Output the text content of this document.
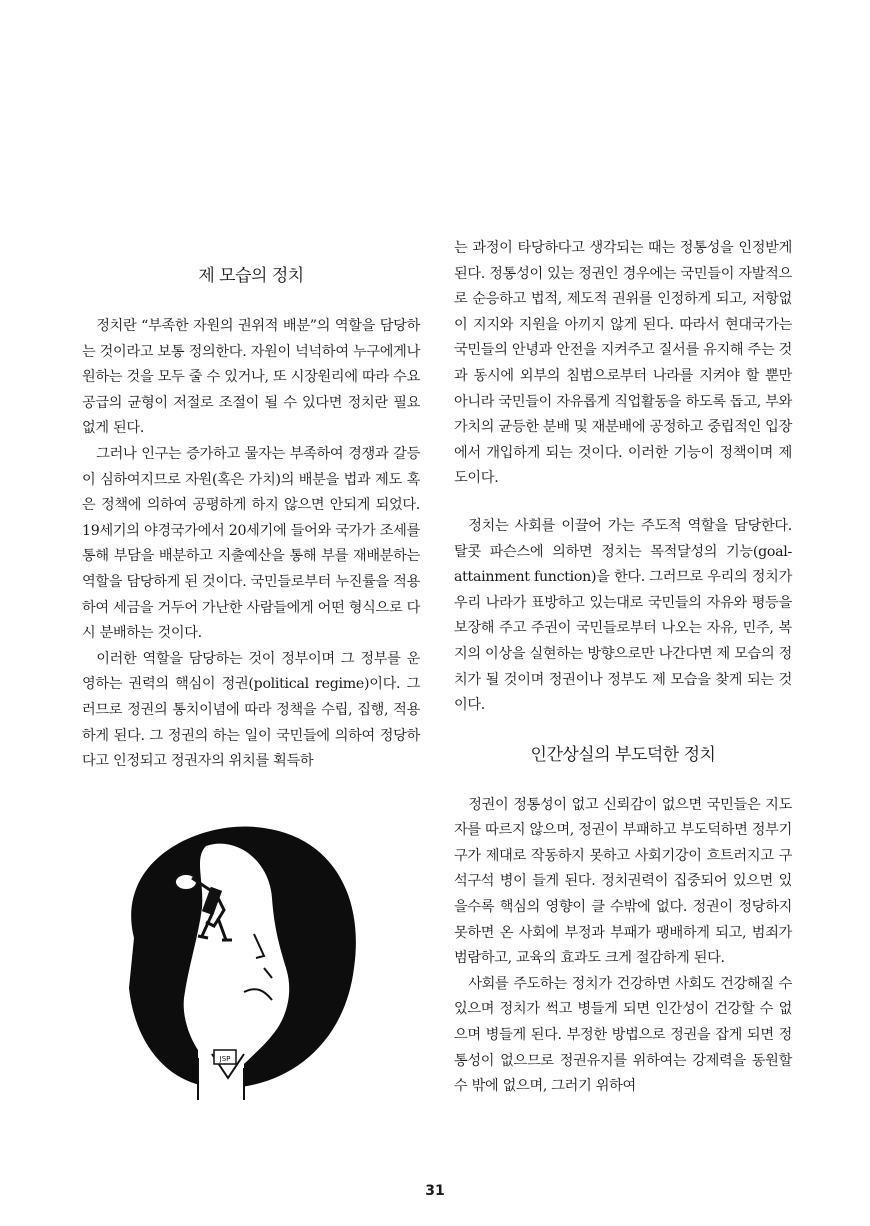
제 모습의 정치

정치란 “부족한 자원의 권위적 배분”의 역할을 담당하는 것이라고 보통 정의한다. 자원이 넉넉하여 누구에게나 원하는 것을 모두 줄 수 있거나, 또 시장원리에 따라 수요공급의 균형이 저절로 조절이 될 수 있다면 정치란 필요없게 된다.

그러나 인구는 증가하고 물자는 부족하여 경쟁과 갈등이 심하여지므로 자원(혹은 가치)의 배분을 법과 제도 혹은 정책에 의하여 공평하게 하지 않으면 안되게 되었다. 19세기의 야경국가에서 20세기에 들어와 국가가 조세를 통해 부담을 배분하고 지출예산을 통해 부를 재배분하는 역할을 담당하게 된 것이다. 국민들로부터 누진률을 적용하여 세금을 거두어 가난한 사람들에게 어떤 형식으로 다시 분배하는 것이다.

이러한 역할을 담당하는 것이 정부이며 그 정부를 운영하는 권력의 핵심이 정권(political regime)이다. 그러므로 정권의 통치이념에 따라 정책을 수립, 집행, 적용하게 된다. 그 정권의 하는 일이 국민들에 의하여 정당하다고 인정되고 정권자의 위치를 획득하

JSP

는 과정이 타당하다고 생각되는 때는 정통성을 인정받게 된다. 정통성이 있는 정권인 경우에는 국민들이 자발적으로 순응하고 법적, 제도적 권위를 인정하게 되고, 저항없이 지지와 지원을 아끼지 않게 된다. 따라서 현대국가는 국민들의 안녕과 안전을 지켜주고 질서를 유지해 주는 것과 동시에 외부의 침범으로부터 나라를 지켜야 할 뿐만 아니라 국민들이 자유롭게 직업활동을 하도록 돕고, 부와 가치의 균등한 분배 및 재분배에 공정하고 중립적인 입장에서 개입하게 되는 것이다. 이러한 기능이 정책이며 제도이다.

정치는 사회를 이끌어 가는 주도적 역할을 담당한다. 탈콧 파슨스에 의하면 정치는 목적달성의 기능(goal-attainment function)을 한다. 그러므로 우리의 정치가 우리 나라가 표방하고 있는대로 국민들의 자유와 평등을 보장해 주고 주권이 국민들로부터 나오는 자유, 민주, 복지의 이상을 실현하는 방향으로만 나간다면 제 모습의 정치가 될 것이며 정권이나 정부도 제 모습을 찾게 되는 것이다.

인간상실의 부도덕한 정치

정권이 정통성이 없고 신뢰감이 없으면 국민들은 지도자를 따르지 않으며, 정권이 부패하고 부도덕하면 정부기구가 제대로 작동하지 못하고 사회기강이 흐트러지고 구석구석 병이 들게 된다. 정치권력이 집중되어 있으면 있을수록 핵심의 영향이 클 수밖에 없다. 정권이 정당하지 못하면 온 사회에 부정과 부패가 팽배하게 되고, 범죄가 범람하고, 교육의 효과도 크게 절감하게 된다.

사회를 주도하는 정치가 건강하면 사회도 건강해질 수 있으며 정치가 썩고 병들게 되면 인간성이 건강할 수 없으며 병들게 된다. 부정한 방법으로 정권을 잡게 되면 정통성이 없으므로 정권유지를 위하여는 강제력을 동원할 수 밖에 없으며, 그러기 위하여

31
